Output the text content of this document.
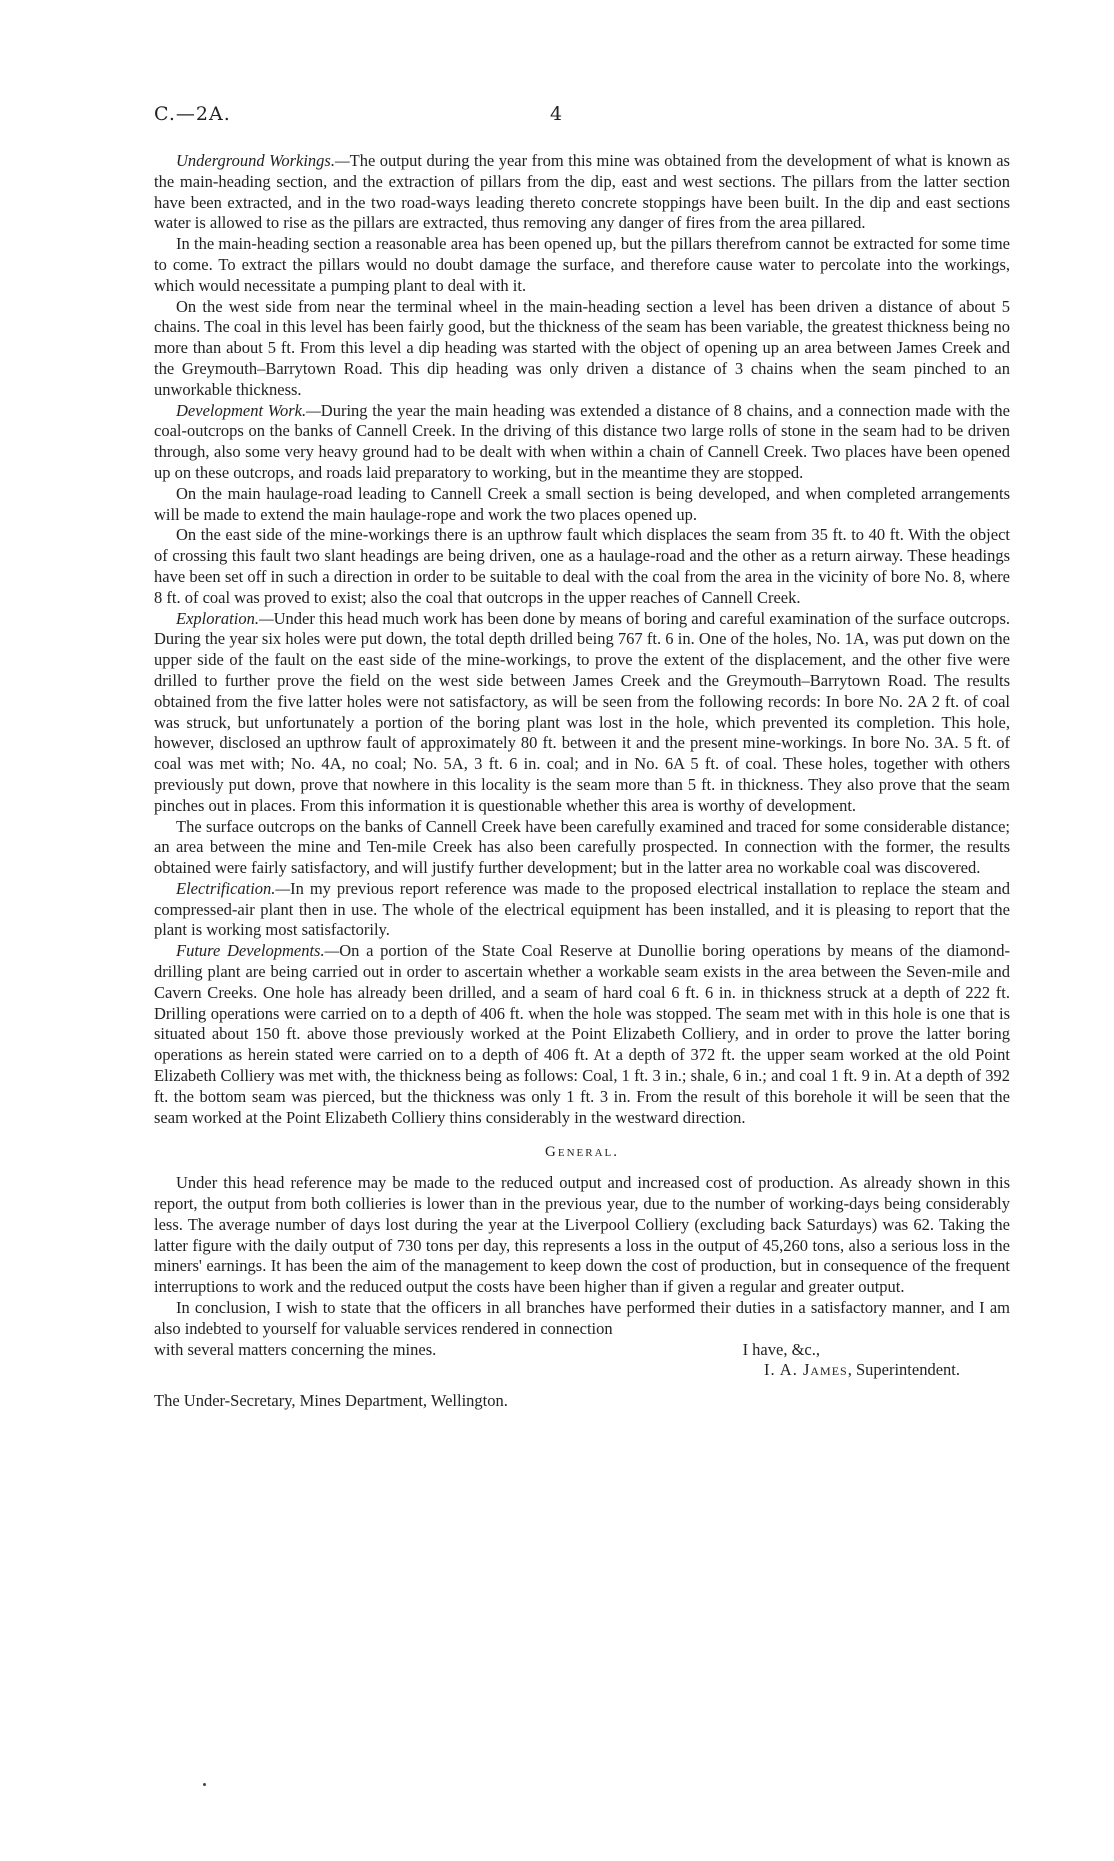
C.—2A.	4

Underground Workings.—The output during the year from this mine was obtained from the development of what is known as the main-heading section, and the extraction of pillars from the dip, east and west sections. The pillars from the latter section have been extracted, and in the two road-ways leading thereto concrete stoppings have been built. In the dip and east sections water is allowed to rise as the pillars are extracted, thus removing any danger of fires from the area pillared.

In the main-heading section a reasonable area has been opened up, but the pillars therefrom cannot be extracted for some time to come. To extract the pillars would no doubt damage the surface, and therefore cause water to percolate into the workings, which would necessitate a pumping plant to deal with it.

On the west side from near the terminal wheel in the main-heading section a level has been driven a distance of about 5 chains. The coal in this level has been fairly good, but the thickness of the seam has been variable, the greatest thickness being no more than about 5 ft. From this level a dip heading was started with the object of opening up an area between James Creek and the Greymouth–Barrytown Road. This dip heading was only driven a distance of 3 chains when the seam pinched to an unworkable thickness.

Development Work.—During the year the main heading was extended a distance of 8 chains, and a connection made with the coal-outcrops on the banks of Cannell Creek. In the driving of this distance two large rolls of stone in the seam had to be driven through, also some very heavy ground had to be dealt with when within a chain of Cannell Creek. Two places have been opened up on these outcrops, and roads laid preparatory to working, but in the meantime they are stopped.

On the main haulage-road leading to Cannell Creek a small section is being developed, and when completed arrangements will be made to extend the main haulage-rope and work the two places opened up.

On the east side of the mine-workings there is an upthrow fault which displaces the seam from 35 ft. to 40 ft. With the object of crossing this fault two slant headings are being driven, one as a haulage-road and the other as a return airway. These headings have been set off in such a direction in order to be suitable to deal with the coal from the area in the vicinity of bore No. 8, where 8 ft. of coal was proved to exist; also the coal that outcrops in the upper reaches of Cannell Creek.

Exploration.—Under this head much work has been done by means of boring and careful examination of the surface outcrops. During the year six holes were put down, the total depth drilled being 767 ft. 6 in. One of the holes, No. 1A, was put down on the upper side of the fault on the east side of the mine-workings, to prove the extent of the displacement, and the other five were drilled to further prove the field on the west side between James Creek and the Greymouth–Barrytown Road. The results obtained from the five latter holes were not satisfactory, as will be seen from the following records: In bore No. 2A 2 ft. of coal was struck, but unfortunately a portion of the boring plant was lost in the hole, which prevented its completion. This hole, however, disclosed an upthrow fault of approximately 80 ft. between it and the present mine-workings. In bore No. 3A. 5 ft. of coal was met with; No. 4A, no coal; No. 5A, 3 ft. 6 in. coal; and in No. 6A 5 ft. of coal. These holes, together with others previously put down, prove that nowhere in this locality is the seam more than 5 ft. in thickness. They also prove that the seam pinches out in places. From this information it is questionable whether this area is worthy of development.

The surface outcrops on the banks of Cannell Creek have been carefully examined and traced for some considerable distance; an area between the mine and Ten-mile Creek has also been carefully prospected. In connection with the former, the results obtained were fairly satisfactory, and will justify further development; but in the latter area no workable coal was discovered.

Electrification.—In my previous report reference was made to the proposed electrical installation to replace the steam and compressed-air plant then in use. The whole of the electrical equipment has been installed, and it is pleasing to report that the plant is working most satisfactorily.

Future Developments.—On a portion of the State Coal Reserve at Dunollie boring operations by means of the diamond-drilling plant are being carried out in order to ascertain whether a workable seam exists in the area between the Seven-mile and Cavern Creeks. One hole has already been drilled, and a seam of hard coal 6 ft. 6 in. in thickness struck at a depth of 222 ft. Drilling operations were carried on to a depth of 406 ft. when the hole was stopped. The seam met with in this hole is one that is situated about 150 ft. above those previously worked at the Point Elizabeth Colliery, and in order to prove the latter boring operations as herein stated were carried on to a depth of 406 ft. At a depth of 372 ft. the upper seam worked at the old Point Elizabeth Colliery was met with, the thickness being as follows: Coal, 1 ft. 3 in.; shale, 6 in.; and coal 1 ft. 9 in. At a depth of 392 ft. the bottom seam was pierced, but the thickness was only 1 ft. 3 in. From the result of this borehole it will be seen that the seam worked at the Point Elizabeth Colliery thins considerably in the westward direction.

General.

Under this head reference may be made to the reduced output and increased cost of production. As already shown in this report, the output from both collieries is lower than in the previous year, due to the number of working-days being considerably less. The average number of days lost during the year at the Liverpool Colliery (excluding back Saturdays) was 62. Taking the latter figure with the daily output of 730 tons per day, this represents a loss in the output of 45,260 tons, also a serious loss in the miners' earnings. It has been the aim of the management to keep down the cost of production, but in consequence of the frequent interruptions to work and the reduced output the costs have been higher than if given a regular and greater output.

In conclusion, I wish to state that the officers in all branches have performed their duties in a satisfactory manner, and I am also indebted to yourself for valuable services rendered in connection

with several matters concerning the mines.	I have, &c.,
I. A. James, Superintendent.
The Under-Secretary, Mines Department, Wellington.
